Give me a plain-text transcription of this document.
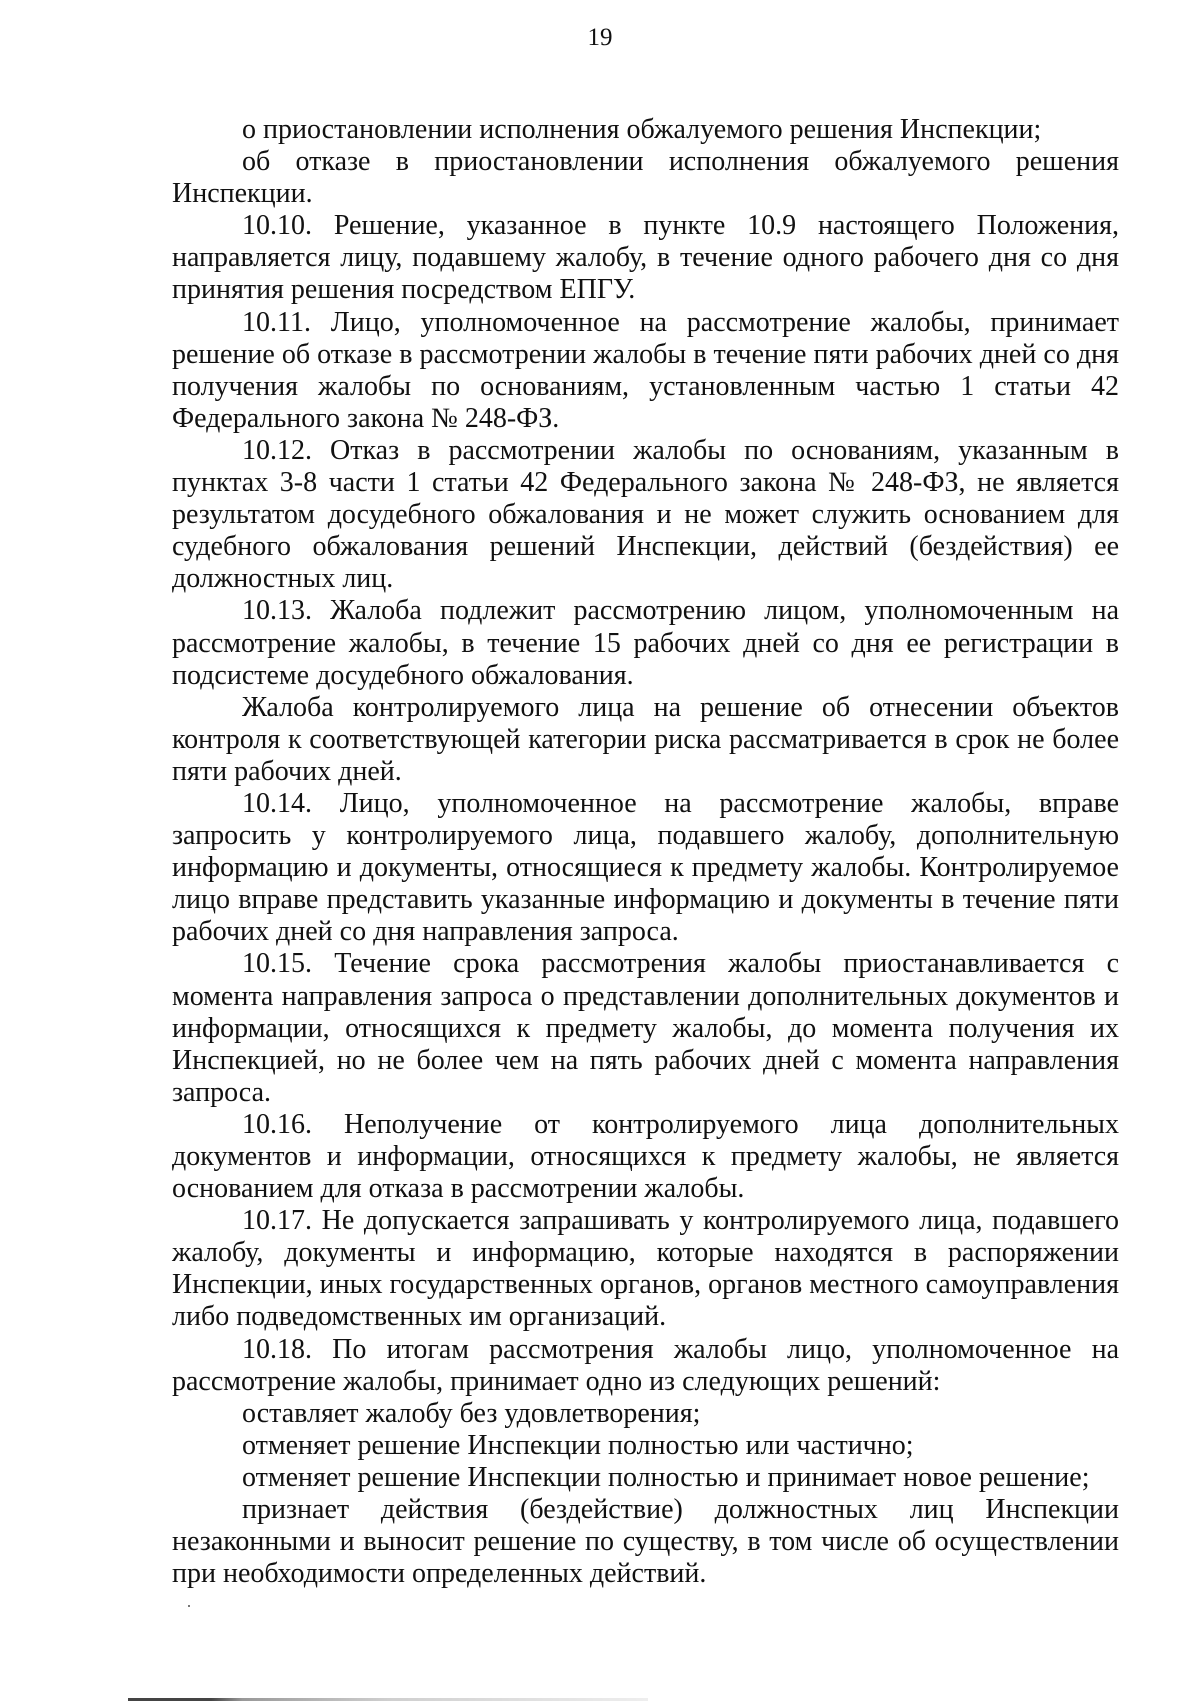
19

о приостановлении исполнения обжалуемого решения Инспекции;

об отказе в приостановлении исполнения обжалуемого решения Инспекции.

10.10. Решение, указанное в пункте 10.9 настоящего Положения, направляется лицу, подавшему жалобу, в течение одного рабочего дня со дня принятия решения посредством ЕПГУ.

10.11. Лицо, уполномоченное на рассмотрение жалобы, принимает решение об отказе в рассмотрении жалобы в течение пяти рабочих дней со дня получения жалобы по основаниям, установленным частью 1 статьи 42 Федерального закона № 248-ФЗ.

10.12. Отказ в рассмотрении жалобы по основаниям, указанным в пунктах 3-8 части 1 статьи 42 Федерального закона № 248-ФЗ, не является результатом досудебного обжалования и не может служить основанием для судебного обжалования решений Инспекции, действий (бездействия) ее должностных лиц.

10.13. Жалоба подлежит рассмотрению лицом, уполномоченным на рассмотрение жалобы, в течение 15 рабочих дней со дня ее регистрации в подсистеме досудебного обжалования.

Жалоба контролируемого лица на решение об отнесении объектов контроля к соответствующей категории риска рассматривается в срок не более пяти рабочих дней.

10.14. Лицо, уполномоченное на рассмотрение жалобы, вправе запросить у контролируемого лица, подавшего жалобу, дополнительную информацию и документы, относящиеся к предмету жалобы. Контролируемое лицо вправе представить указанные информацию и документы в течение пяти рабочих дней со дня направления запроса.

10.15. Течение срока рассмотрения жалобы приостанавливается с момента направления запроса о представлении дополнительных документов и информации, относящихся к предмету жалобы, до момента получения их Инспекцией, но не более чем на пять рабочих дней с момента направления запроса.

10.16. Неполучение от контролируемого лица дополнительных документов и информации, относящихся к предмету жалобы, не является основанием для отказа в рассмотрении жалобы.

10.17. Не допускается запрашивать у контролируемого лица, подавшего жалобу, документы и информацию, которые находятся в распоряжении Инспекции, иных государственных органов, органов местного самоуправления либо подведомственных им организаций.

10.18. По итогам рассмотрения жалобы лицо, уполномоченное на рассмотрение жалобы, принимает одно из следующих решений:

оставляет жалобу без удовлетворения;

отменяет решение Инспекции полностью или частично;

отменяет решение Инспекции полностью и принимает новое решение;

признает действия (бездействие) должностных лиц Инспекции незаконными и выносит решение по существу, в том числе об осуществлении при необходимости определенных действий.
